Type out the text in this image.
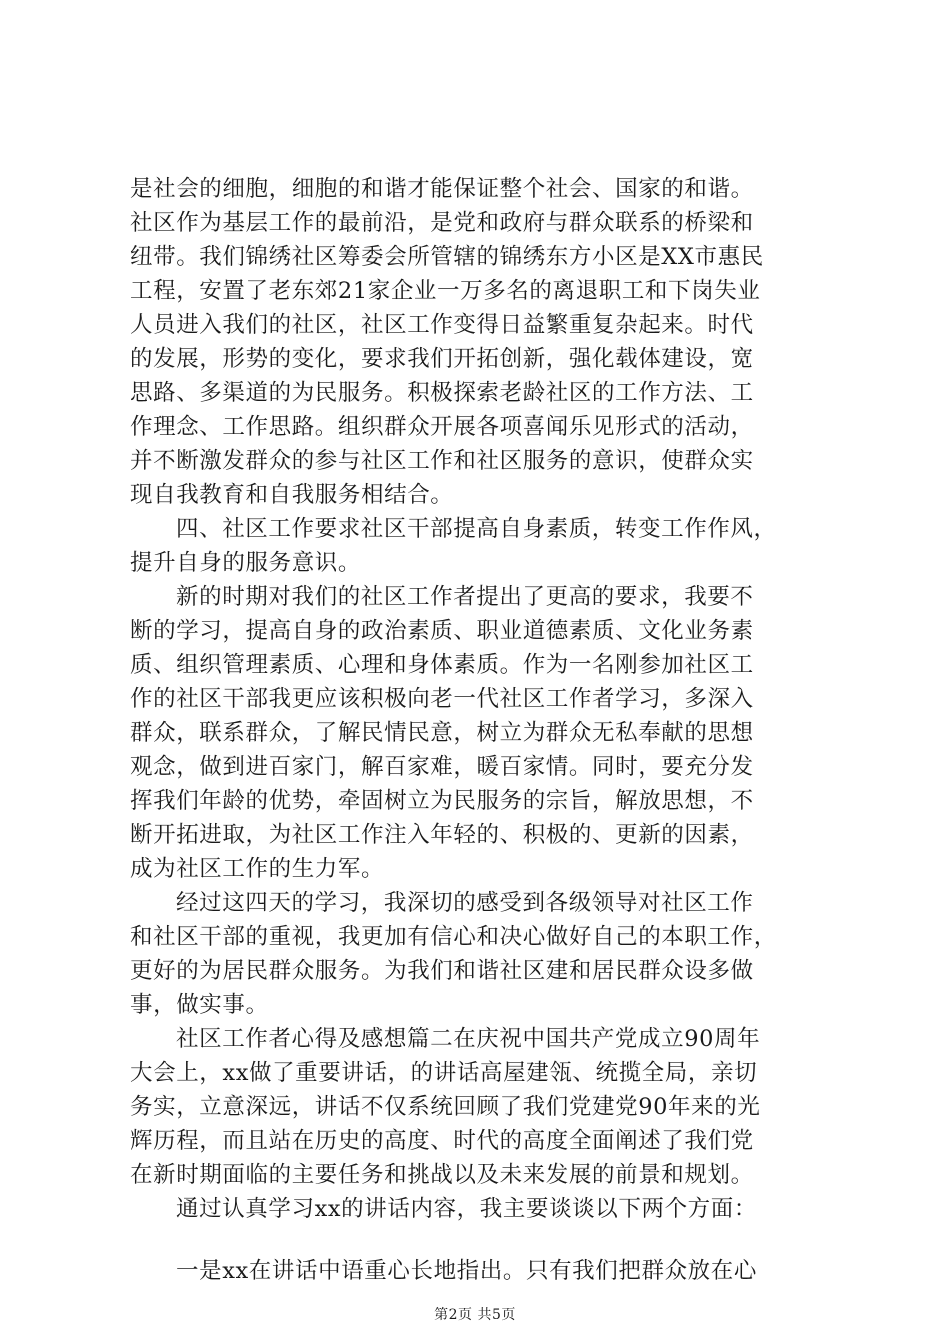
是社会的细胞，细胞的和谐才能保证整个社会、国家的和谐。
社区作为基层工作的最前沿，是党和政府与群众联系的桥梁和
纽带。我们锦绣社区筹委会所管辖的锦绣东方小区是XX市惠民
工程，安置了老东郊21家企业一万多名的离退职工和下岗失业
人员进入我们的社区，社区工作变得日益繁重复杂起来。时代
的发展，形势的变化，要求我们开拓创新，强化载体建设，宽
思路、多渠道的为民服务。积极探索老龄社区的工作方法、工
作理念、工作思路。组织群众开展各项喜闻乐见形式的活动，
并不断激发群众的参与社区工作和社区服务的意识，使群众实
现自我教育和自我服务相结合。
四、社区工作要求社区干部提高自身素质，转变工作作风，
提升自身的服务意识。
新的时期对我们的社区工作者提出了更高的要求，我要不
断的学习，提高自身的政治素质、职业道德素质、文化业务素
质、组织管理素质、心理和身体素质。作为一名刚参加社区工
作的社区干部我更应该积极向老一代社区工作者学习，多深入
群众，联系群众，了解民情民意，树立为群众无私奉献的思想
观念，做到进百家门，解百家难，暖百家情。同时，要充分发
挥我们年龄的优势，牵固树立为民服务的宗旨，解放思想，不
断开拓进取，为社区工作注入年轻的、积极的、更新的因素，
成为社区工作的生力军。
经过这四天的学习，我深切的感受到各级领导对社区工作
和社区干部的重视，我更加有信心和决心做好自己的本职工作，
更好的为居民群众服务。为我们和谐社区建和居民群众设多做
事，做实事。
社区工作者心得及感想篇二在庆祝中国共产党成立90周年
大会上，xx做了重要讲话，的讲话高屋建瓴、统揽全局，亲切
务实，立意深远，讲话不仅系统回顾了我们党建党90年来的光
辉历程，而且站在历史的高度、时代的高度全面阐述了我们党
在新时期面临的主要任务和挑战以及未来发展的前景和规划。
通过认真学习xx的讲话内容，我主要谈谈以下两个方面：
一是xx在讲话中语重心长地指出。只有我们把群众放在心
第2页 共5页
